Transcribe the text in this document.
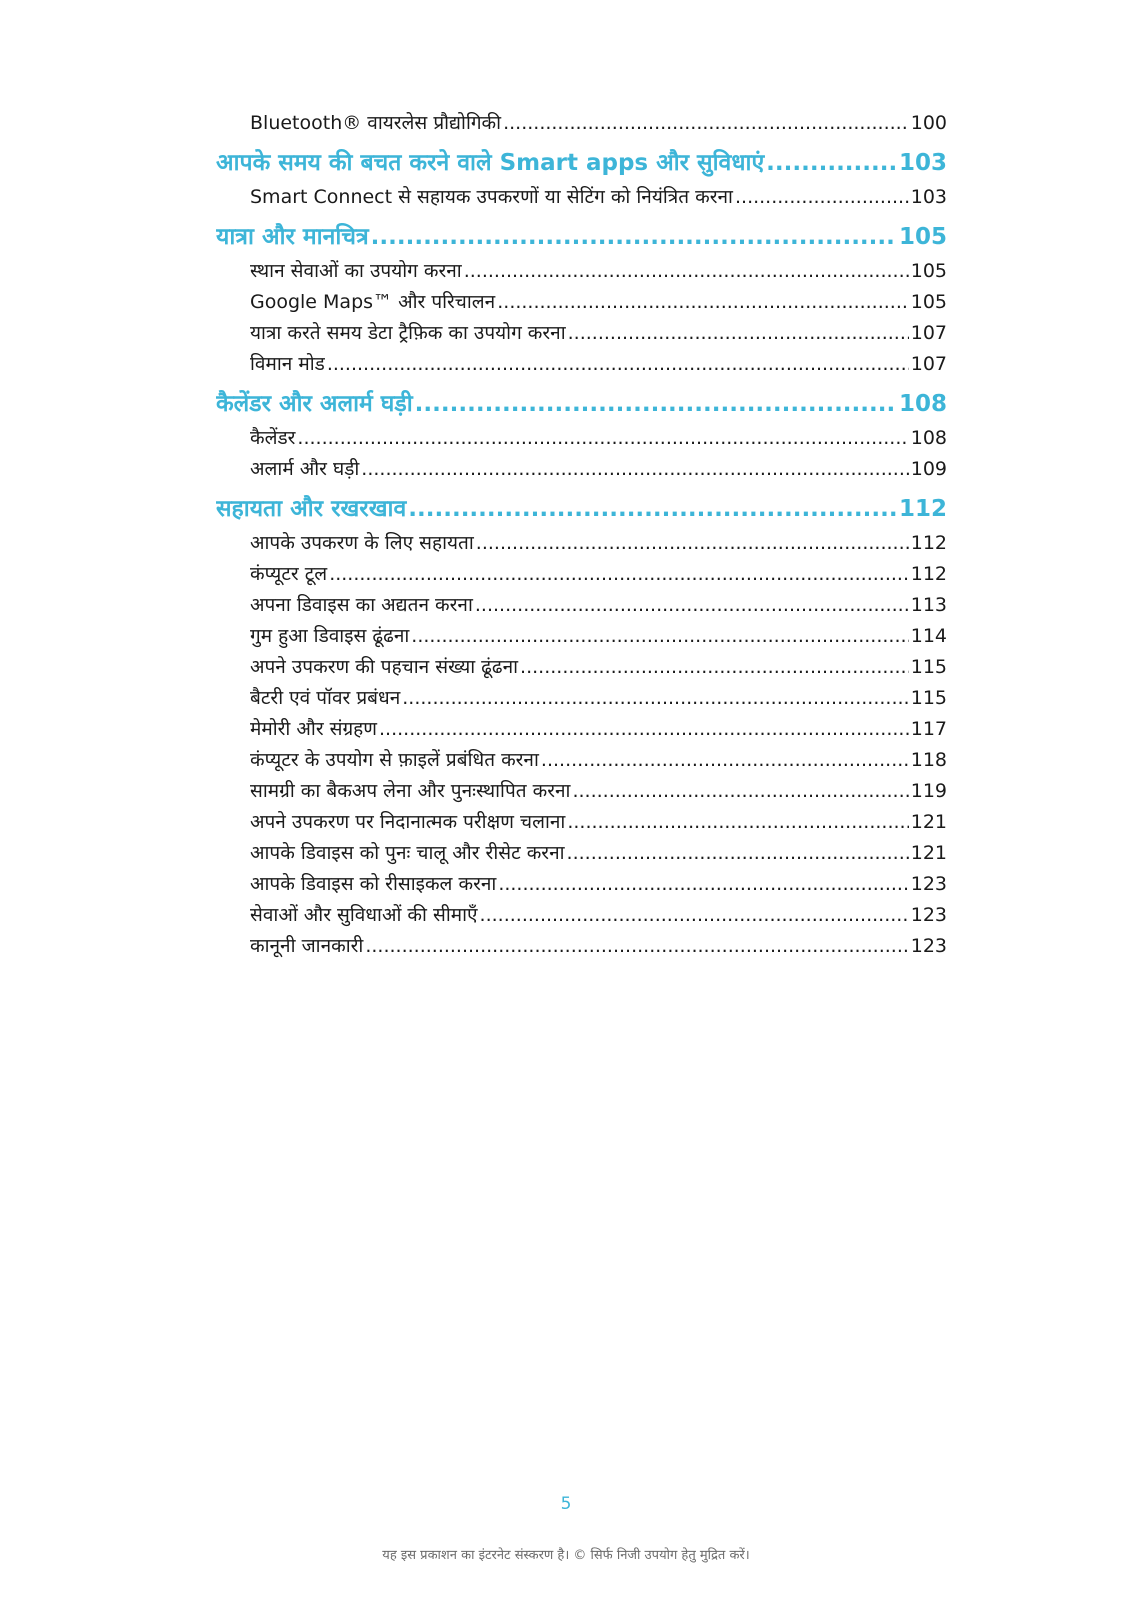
Bluetooth® वायरलेस प्रौद्योगिकी .....	100
आपके समय की बचत करने वाले Smart apps और सुविधाएं .....	103
Smart Connect से सहायक उपकरणों या सेटिंग को नियंत्रित करना .....	103
यात्रा और मानचित्र .....	105
स्थान सेवाओं का उपयोग करना .....	105
Google Maps™ और परिचालन .....	105
यात्रा करते समय डेटा ट्रैफ़िक का उपयोग करना .....	107
विमान मोड .....	107
कैलेंडर और अलार्म घड़ी .....	108
कैलेंडर .....	108
अलार्म और घड़ी .....	109
सहायता और रखरखाव .....	112
आपके उपकरण के लिए सहायता .....	112
कंप्यूटर टूल .....	112
अपना डिवाइस का अद्यतन करना .....	113
गुम हुआ डिवाइस ढूंढना .....	114
अपने उपकरण की पहचान संख्या ढूंढना .....	115
बैटरी एवं पॉवर प्रबंधन .....	115
मेमोरी और संग्रहण .....	117
कंप्यूटर के उपयोग से फ़ाइलें प्रबंधित करना .....	118
सामग्री का बैकअप लेना और पुनःस्थापित करना .....	119
अपने उपकरण पर निदानात्मक परीक्षण चलाना .....	121
आपके डिवाइस को पुनः चालू और रीसेट करना .....	121
आपके डिवाइस को रीसाइकल करना .....	123
सेवाओं और सुविधाओं की सीमाएँ .....	123
कानूनी जानकारी .....	123
5
यह इस प्रकाशन का इंटरनेट संस्करण है। © सिर्फ निजी उपयोग हेतु मुद्रित करें।
